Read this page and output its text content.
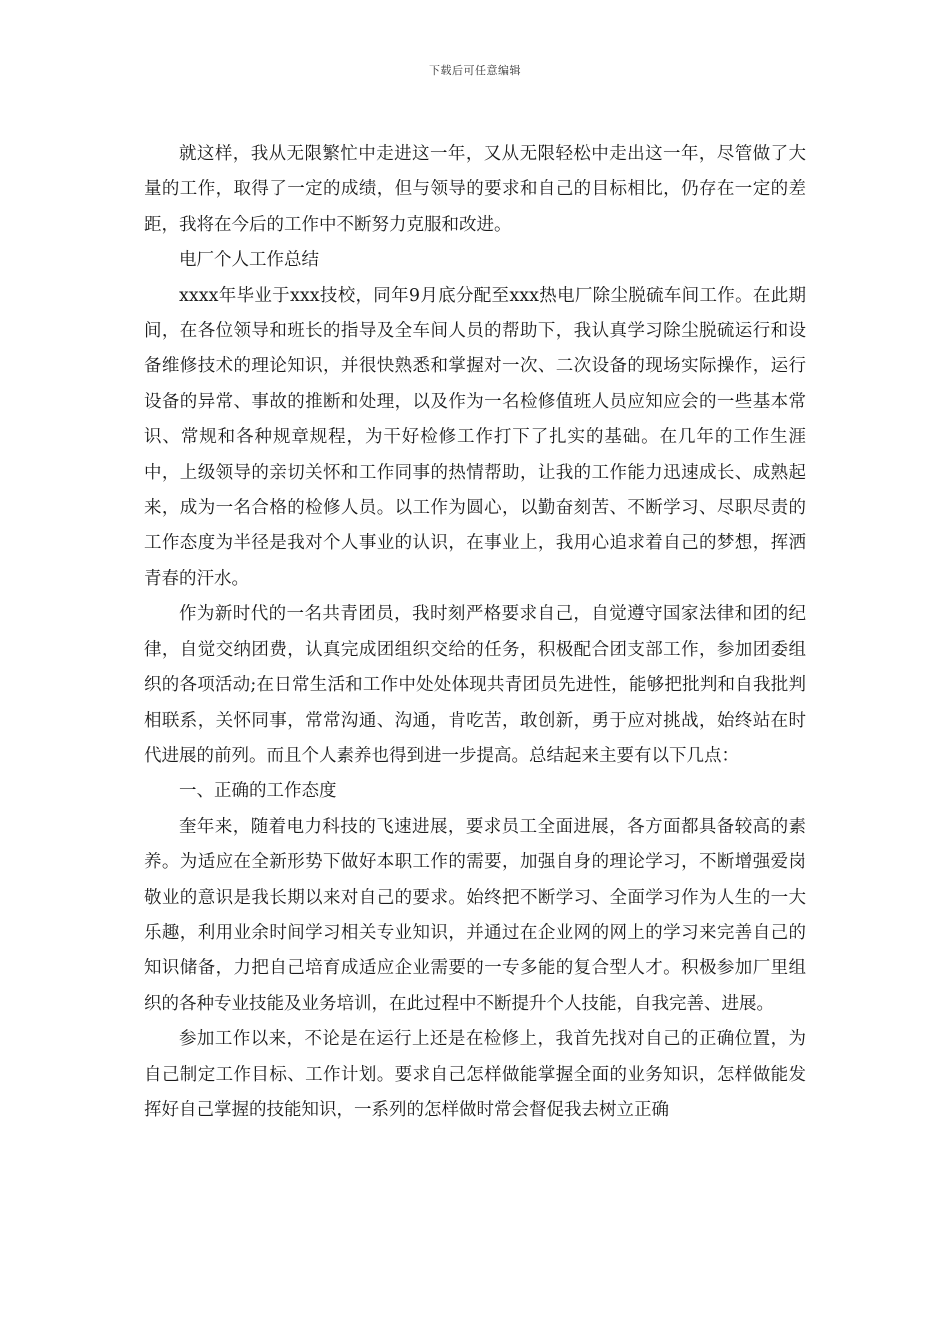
下载后可任意编辑

就这样，我从无限繁忙中走进这一年，又从无限轻松中走出这一年，尽管做了大量的工作，取得了一定的成绩，但与领导的要求和自己的目标相比，仍存在一定的差距，我将在今后的工作中不断努力克服和改进。

电厂个人工作总结

xxxx年毕业于xxx技校，同年9月底分配至xxx热电厂除尘脱硫车间工作。在此期间，在各位领导和班长的指导及全车间人员的帮助下，我认真学习除尘脱硫运行和设备维修技术的理论知识，并很快熟悉和掌握对一次、二次设备的现场实际操作，运行设备的异常、事故的推断和处理，以及作为一名检修值班人员应知应会的一些基本常识、常规和各种规章规程，为干好检修工作打下了扎实的基础。在几年的工作生涯中，上级领导的亲切关怀和工作同事的热情帮助，让我的工作能力迅速成长、成熟起来，成为一名合格的检修人员。以工作为圆心，以勤奋刻苦、不断学习、尽职尽责的工作态度为半径是我对个人事业的认识，在事业上，我用心追求着自己的梦想，挥洒青春的汗水。

作为新时代的一名共青团员，我时刻严格要求自己，自觉遵守国家法律和团的纪律，自觉交纳团费，认真完成团组织交给的任务，积极配合团支部工作，参加团委组织的各项活动;在日常生活和工作中处处体现共青团员先进性，能够把批判和自我批判相联系，关怀同事，常常沟通、沟通，肯吃苦，敢创新，勇于应对挑战，始终站在时代进展的前列。而且个人素养也得到进一步提高。总结起来主要有以下几点：

一、正确的工作态度

奎年来，随着电力科技的飞速进展，要求员工全面进展，各方面都具备较高的素养。为适应在全新形势下做好本职工作的需要，加强自身的理论学习，不断增强爱岗敬业的意识是我长期以来对自己的要求。始终把不断学习、全面学习作为人生的一大乐趣，利用业余时间学习相关专业知识，并通过在企业网的网上的学习来完善自己的知识储备，力把自己培育成适应企业需要的一专多能的复合型人才。积极参加厂里组织的各种专业技能及业务培训，在此过程中不断提升个人技能，自我完善、进展。

参加工作以来，不论是在运行上还是在检修上，我首先找对自己的正确位置，为自己制定工作目标、工作计划。要求自己怎样做能掌握全面的业务知识，怎样做能发挥好自己掌握的技能知识，一系列的怎样做时常会督促我去树立正确
